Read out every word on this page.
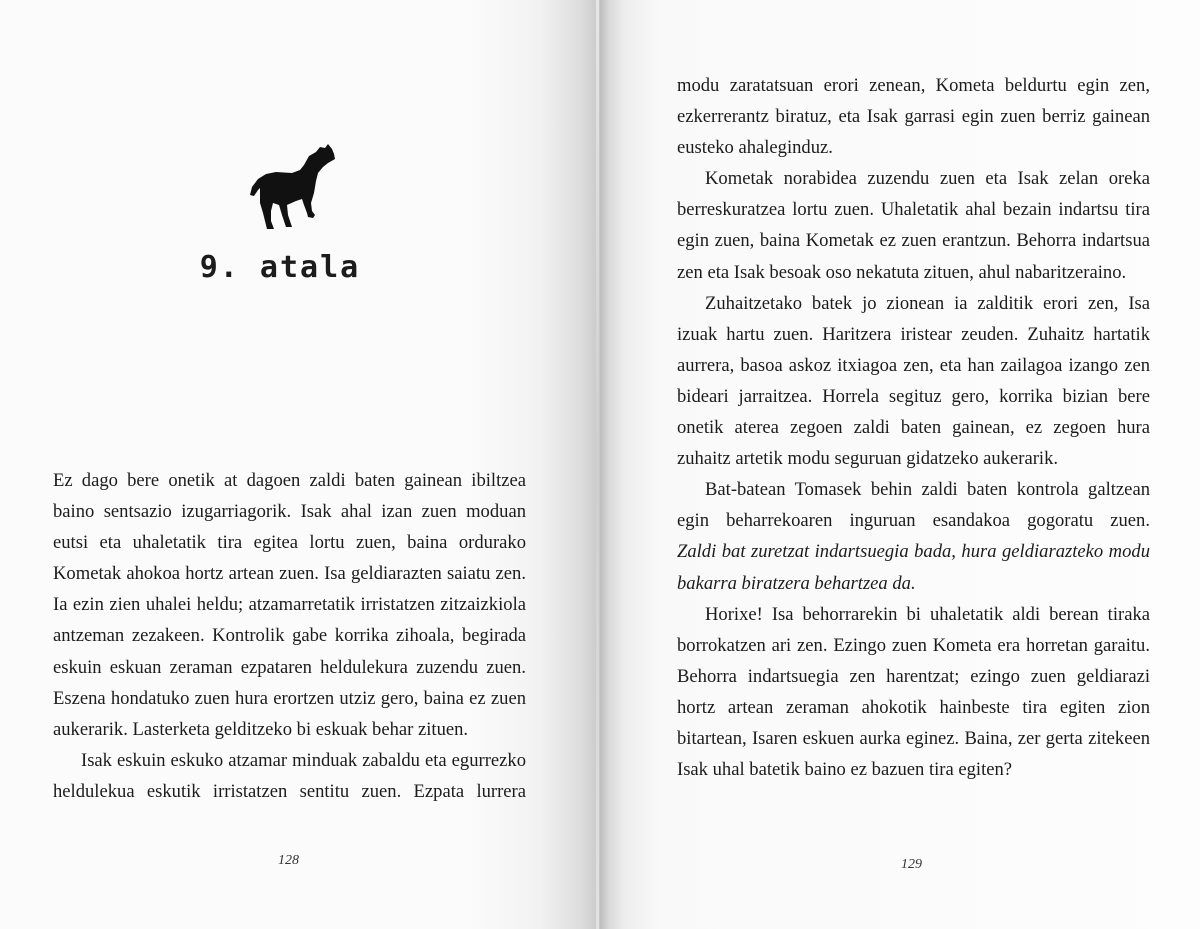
9. atala

Ez dago bere onetik at dagoen zaldi baten gainean ibiltzea baino sentsazio izugarriagorik. Isak ahal izan zuen moduan eutsi eta uhaletatik tira egitea lortu zuen, baina ordurako Kometak ahokoa hortz artean zuen. Isa geldiarazten saiatu zen. Ia ezin zien uhalei heldu; atzamarretatik irristatzen zitzaizkiola antzeman zezakeen. Kontrolik gabe korrika zihoala, begirada eskuin eskuan zeraman ezpataren heldulekura zuzendu zuen. Eszena hondatuko zuen hura erortzen utziz gero, baina ez zuen aukerarik. Lasterketa gelditzeko bi eskuak behar zituen.

Isak eskuin eskuko atzamar minduak zabaldu eta egurrezko heldulekua eskutik irristatzen sentitu zuen. Ezpata lurrera

128	129

modu zaratatsuan erori zenean, Kometa beldurtu egin zen, ezkerrerantz biratuz, eta Isak garrasi egin zuen berriz gainean eusteko ahaleginduz.

Kometak norabidea zuzendu zuen eta Isak zelan oreka berreskuratzea lortu zuen. Uhaletatik ahal bezain indartsu tira egin zuen, baina Kometak ez zuen erantzun. Behorra indartsua zen eta Isak besoak oso nekatuta zituen, ahul nabaritzeraino.

Zuhaitzetako batek jo zionean ia zalditik erori zen, Isa izuak hartu zuen. Haritzera iristear zeuden. Zuhaitz hartatik aurrera, basoa askoz itxiagoa zen, eta han zailagoa izango zen bideari jarraitzea. Horrela segituz gero, korrika bizian bere onetik aterea zegoen zaldi baten gainean, ez zegoen hura zuhaitz artetik modu seguruan gidatzeko aukerarik.

Bat-batean Tomasek behin zaldi baten kontrola galtzean egin beharrekoaren inguruan esandakoa gogoratu zuen.

Zaldi bat zuretzat indartsuegia bada, hura geldiarazteko modu bakarra biratzera behartzea da.

Horixe! Isa behorrarekin bi uhaletatik aldi berean tiraka borrokatzen ari zen. Ezingo zuen Kometa era horretan garaitu. Behorra indartsuegia zen harentzat; ezingo zuen geldiarazi hortz artean zeraman ahokotik hainbeste tira egiten zion bitartean, Isaren eskuen aurka eginez. Baina, zer gerta zitekeen Isak uhal batetik baino ez bazuen tira egiten?
